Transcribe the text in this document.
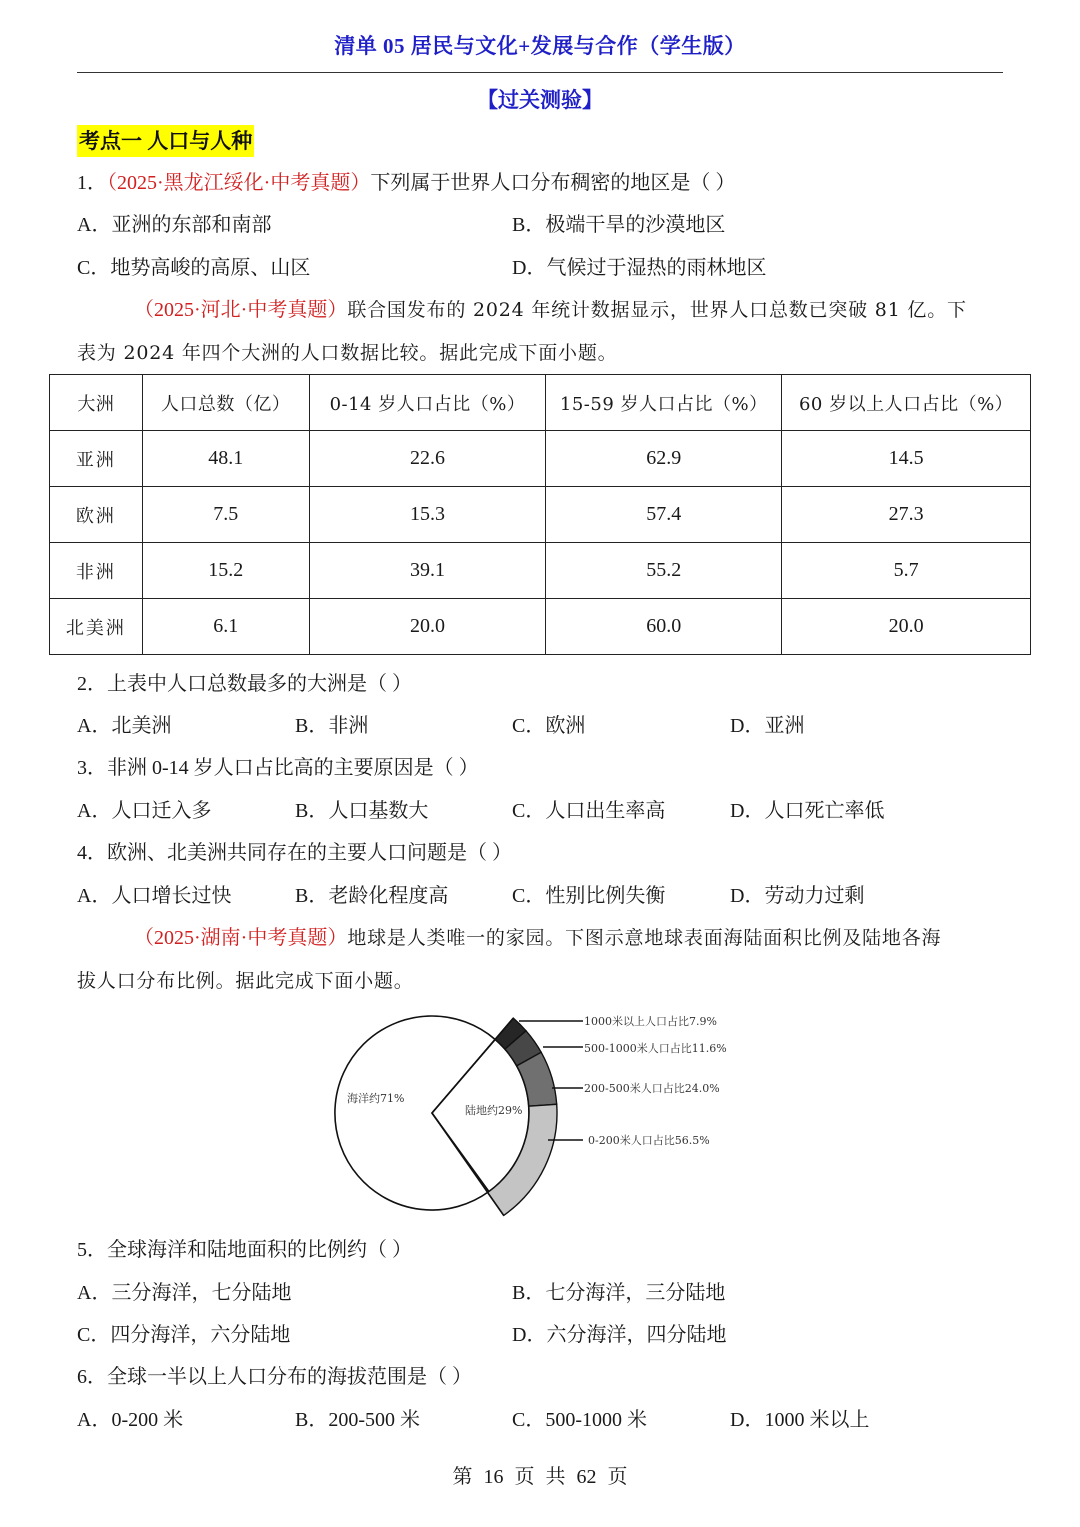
清单 05 居民与文化+发展与合作（学生版）
【过关测验】
考点一 人口与人种
1．（2025·黑龙江绥化·中考真题）下列属于世界人口分布稠密的地区是（ ）
A．亚洲的东部和南部	B．极端干旱的沙漠地区
C．地势高峻的高原、山区	D．气候过于湿热的雨林地区
（2025·河北·中考真题）联合国发布的 2024 年统计数据显示，世界人口总数已突破 81 亿。下
表为 2024 年四个大洲的人口数据比较。据此完成下面小题。
大洲	人口总数（亿）	0-14 岁人口占比（%）	15-59 岁人口占比（%）	60 岁以上人口占比（%）
亚洲	48.1	22.6	62.9	14.5
欧洲	7.5	15.3	57.4	27.3
非洲	15.2	39.1	55.2	5.7
北美洲	6.1	20.0	60.0	20.0
2．上表中人口总数最多的大洲是（ ）
A．北美洲	B．非洲	C．欧洲	D．亚洲
3．非洲 0-14 岁人口占比高的主要原因是（ ）
A．人口迁入多	B．人口基数大	C．人口出生率高	D．人口死亡率低
4．欧洲、北美洲共同存在的主要人口问题是（ ）
A．人口增长过快	B．老龄化程度高	C．性别比例失衡	D．劳动力过剩
（2025·湖南·中考真题）地球是人类唯一的家园。下图示意地球表面海陆面积比例及陆地各海
拔人口分布比例。据此完成下面小题。
海洋约71%
陆地约29%
1000米以上人口占比7.9%
500-1000米人口占比11.6%
200-500米人口占比24.0%
0-200米人口占比56.5%
5．全球海洋和陆地面积的比例约（ ）
A．三分海洋，七分陆地	B．七分海洋，三分陆地
C．四分海洋，六分陆地	D．六分海洋，四分陆地
6．全球一半以上人口分布的海拔范围是（ ）
A．0-200 米	B．200-500 米	C．500-1000 米	D．1000 米以上
第 16 页 共 62 页
